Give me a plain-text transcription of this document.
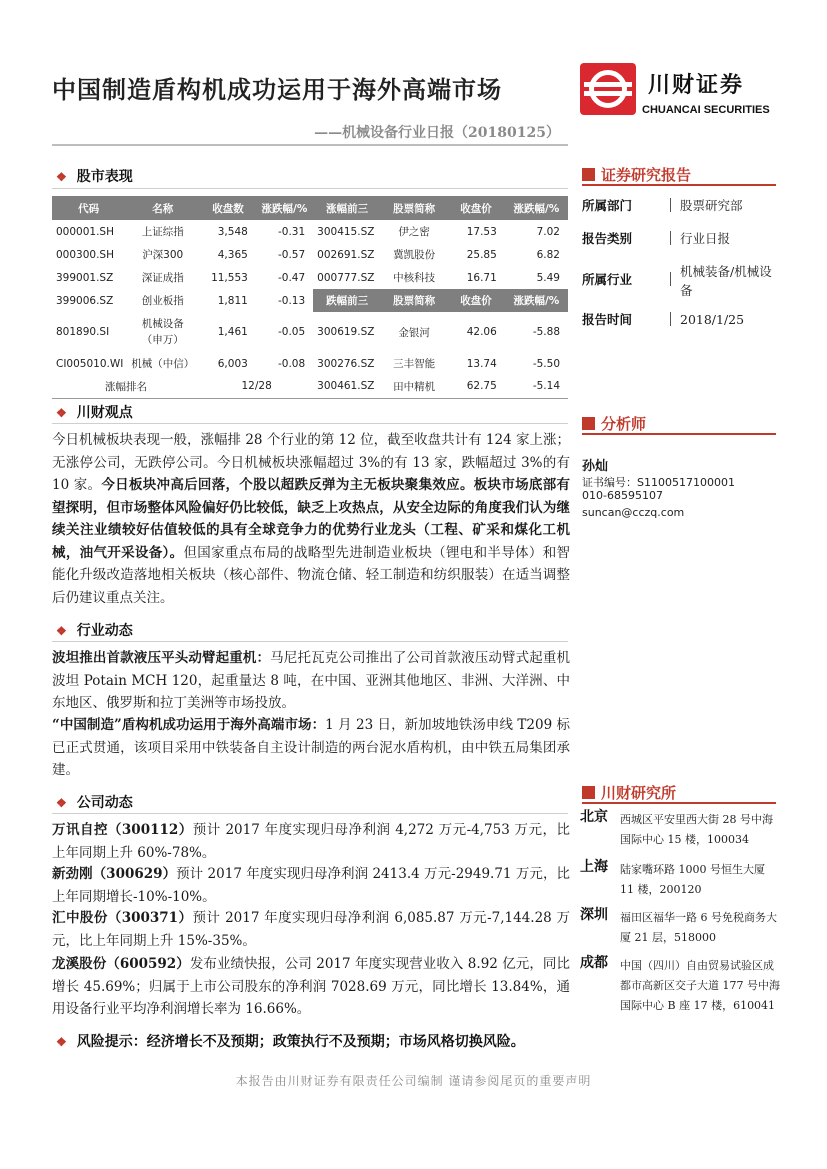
中国制造盾构机成功运用于海外高端市场
——机械设备行业日报（20180125）
川财证券
CHUANCAI SECURITIES
❖ 股市表现
代码	名称	收盘数	涨跌幅/%	涨幅前三	股票简称	收盘价	涨跌幅/%
000001.SH	上证综指	3,548	-0.31	300415.SZ	伊之密	17.53	7.02
000300.SH	沪深300	4,365	-0.57	002691.SZ	冀凯股份	25.85	6.82
399001.SZ	深证成指	11,553	-0.47	000777.SZ	中核科技	16.71	5.49
399006.SZ	创业板指	1,811	-0.13	跌幅前三	股票简称	收盘价	涨跌幅/%
801890.SI	机械设备（申万）	1,461	-0.05	300619.SZ	金银河	42.06	-5.88
CI005010.WI	机械（中信）	6,003	-0.08	300276.SZ	三丰智能	13.74	-5.50
涨幅排名		12/28		300461.SZ	田中精机	62.75	-5.14
❖ 川财观点
今日机械板块表现一般，涨幅排 28 个行业的第 12 位，截至收盘共计有 124 家上涨；无涨停公司，无跌停公司。今日机械板块涨幅超过 3%的有 13 家，跌幅超过 3%的有 10 家。今日板块冲高后回落，个股以超跌反弹为主无板块聚集效应。板块市场底部有望探明，但市场整体风险偏好仍比较低，缺乏上攻热点，从安全边际的角度我们认为继续关注业绩较好估值较低的具有全球竞争力的优势行业龙头（工程、矿采和煤化工机械，油气开采设备）。但国家重点布局的战略型先进制造业板块（锂电和半导体）和智能化升级改造落地相关板块（核心部件、物流仓储、轻工制造和纺织服装）在适当调整后仍建议重点关注。
❖ 行业动态
波坦推出首款液压平头动臂起重机：马尼托瓦克公司推出了公司首款液压动臂式起重机波坦 Potain MCH 120，起重量达 8 吨，在中国、亚洲其他地区、非洲、大洋洲、中东地区、俄罗斯和拉丁美洲等市场投放。
“中国制造”盾构机成功运用于海外高端市场：1 月 23 日，新加坡地铁汤申线 T209 标已正式贯通，该项目采用中铁装备自主设计制造的两台泥水盾构机，由中铁五局集团承建。
❖ 公司动态
万讯自控（300112）预计 2017 年度实现归母净利润 4,272 万元-4,753 万元，比上年同期上升 60%-78%。
新劲刚（300629）预计 2017 年度实现归母净利润 2413.4 万元-2949.71 万元，比上年同期增长-10%-10%。
汇中股份（300371）预计 2017 年度实现归母净利润 6,085.87 万元-7,144.28 万元，比上年同期上升 15%-35%。
龙溪股份（600592）发布业绩快报，公司 2017 年度实现营业收入 8.92 亿元，同比增长 45.69%；归属于上市公司股东的净利润 7028.69 万元，同比增长 13.84%，通用设备行业平均净利润增长率为 16.66%。
❖ 风险提示：经济增长不及预期；政策执行不及预期；市场风格切换风险。
证券研究报告
所属部门	股票研究部
报告类别	行业日报
所属行业
机械装备/机械设备
报告时间	2018/1/25
分析师
孙灿
证书编号：S1100517100001
010-68595107
suncan@cczq.com
川财研究所
北京 西城区平安里西大街 28 号中海国际中心 15 楼，100034
上海 陆家嘴环路 1000 号恒生大厦 11 楼，200120
深圳 福田区福华一路 6 号免税商务大厦 21 层，518000
成都 中国（四川）自由贸易试验区成都市高新区交子大道 177 号中海国际中心 B 座 17 楼，610041
本报告由川财证券有限责任公司编制 谨请参阅尾页的重要声明
